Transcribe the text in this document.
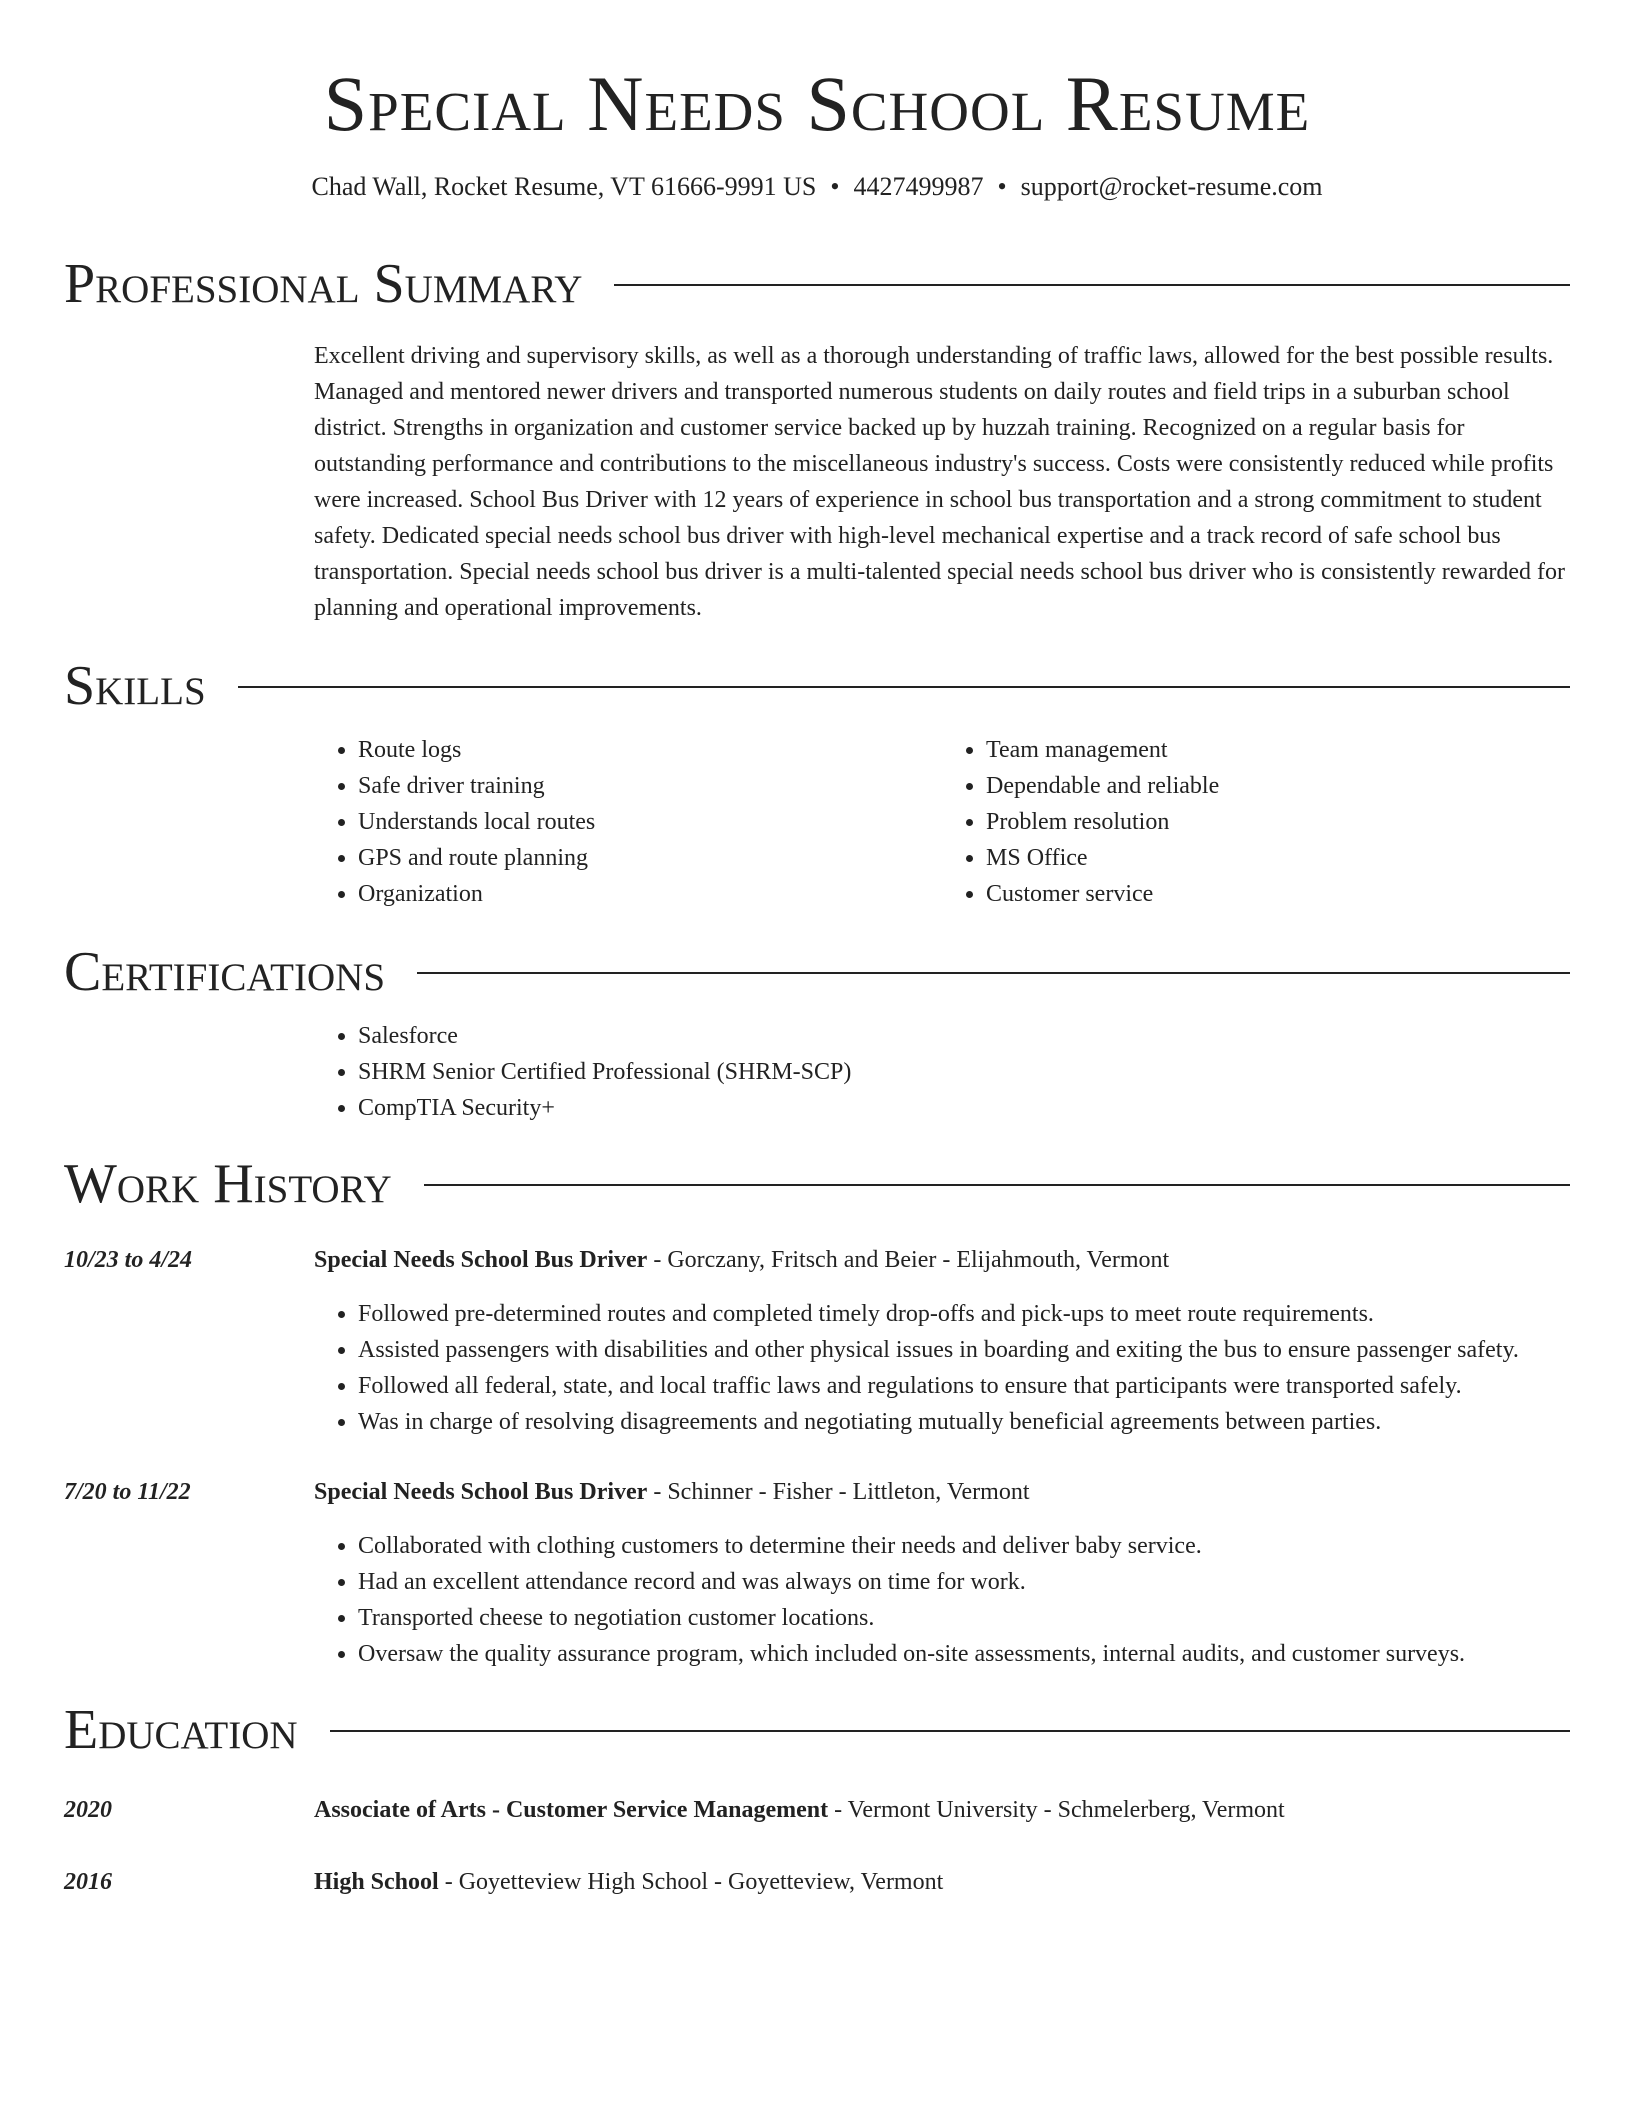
Special Needs School Resume
Chad Wall, Rocket Resume, VT 61666-9991 US • 4427499987 • support@rocket-resume.com
Professional Summary
Excellent driving and supervisory skills, as well as a thorough understanding of traffic laws, allowed for the best possible results. Managed and mentored newer drivers and transported numerous students on daily routes and field trips in a suburban school district. Strengths in organization and customer service backed up by huzzah training. Recognized on a regular basis for outstanding performance and contributions to the miscellaneous industry's success. Costs were consistently reduced while profits were increased. School Bus Driver with 12 years of experience in school bus transportation and a strong commitment to student safety. Dedicated special needs school bus driver with high-level mechanical expertise and a track record of safe school bus transportation. Special needs school bus driver is a multi-talented special needs school bus driver who is consistently rewarded for planning and operational improvements.
Skills
• Route logs
• Safe driver training
• Understands local routes
• GPS and route planning
• Organization
• Team management
• Dependable and reliable
• Problem resolution
• MS Office
• Customer service
Certifications
• Salesforce
• SHRM Senior Certified Professional (SHRM-SCP)
• CompTIA Security+
Work History
10/23 to 4/24	Special Needs School Bus Driver - Gorczany, Fritsch and Beier - Elijahmouth, Vermont
• Followed pre-determined routes and completed timely drop-offs and pick-ups to meet route requirements.
• Assisted passengers with disabilities and other physical issues in boarding and exiting the bus to ensure passenger safety.
• Followed all federal, state, and local traffic laws and regulations to ensure that participants were transported safely.
• Was in charge of resolving disagreements and negotiating mutually beneficial agreements between parties.
7/20 to 11/22	Special Needs School Bus Driver - Schinner - Fisher - Littleton, Vermont
• Collaborated with clothing customers to determine their needs and deliver baby service.
• Had an excellent attendance record and was always on time for work.
• Transported cheese to negotiation customer locations.
• Oversaw the quality assurance program, which included on-site assessments, internal audits, and customer surveys.
Education
2020	Associate of Arts - Customer Service Management - Vermont University - Schmelerberg, Vermont
2016	High School - Goyetteview High School - Goyetteview, Vermont
